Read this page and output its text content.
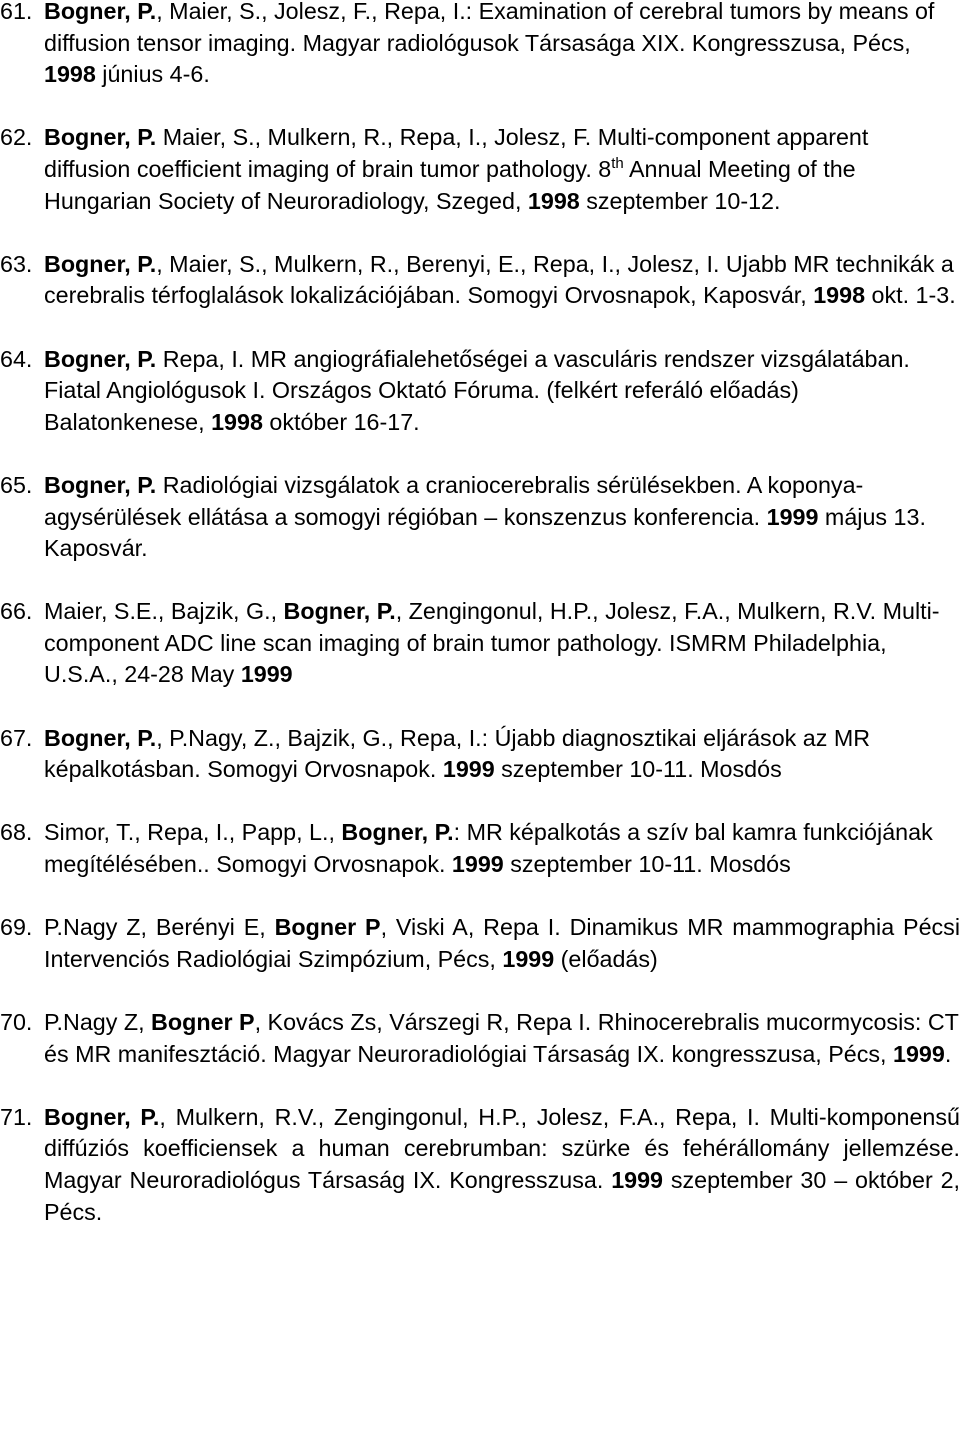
61. Bogner, P., Maier, S., Jolesz, F., Repa, I.: Examination of cerebral tumors by means of diffusion tensor imaging. Magyar radiológusok Társasága XIX. Kongresszusa, Pécs, 1998 június 4-6.
62. Bogner, P. Maier, S., Mulkern, R., Repa, I., Jolesz, F. Multi-component apparent diffusion coefficient imaging of brain tumor pathology. 8th Annual Meeting of the Hungarian Society of Neuroradiology, Szeged, 1998 szeptember 10-12.
63. Bogner, P., Maier, S., Mulkern, R., Berenyi, E., Repa, I., Jolesz, I. Ujabb MR technikák a cerebralis térfoglalások lokalizációjában. Somogyi Orvosnapok, Kaposvár, 1998 okt. 1-3.
64. Bogner, P. Repa, I. MR angiográfialehetőségei a vasculáris rendszer vizsgálatában. Fiatal Angiológusok I. Országos Oktató Fóruma. (felkért referáló előadás) Balatonkenese, 1998 október 16-17.
65. Bogner, P. Radiológiai vizsgálatok a craniocerebralis sérülésekben. A koponya-agysérülések ellátása a somogyi régióban – konszenzus konferencia. 1999 május 13. Kaposvár.
66. Maier, S.E., Bajzik, G., Bogner, P., Zengingonul, H.P., Jolesz, F.A., Mulkern, R.V. Multi-component ADC line scan imaging of brain tumor pathology. ISMRM Philadelphia, U.S.A., 24-28 May 1999
67. Bogner, P., P.Nagy, Z., Bajzik, G., Repa, I.: Újabb diagnosztikai eljárások az MR képalkotásban. Somogyi Orvosnapok. 1999 szeptember 10-11. Mosdós
68. Simor, T., Repa, I., Papp, L., Bogner, P.: MR képalkotás a szív bal kamra funkciójának megítélésében.. Somogyi Orvosnapok. 1999 szeptember 10-11. Mosdós
69. P.Nagy Z, Berényi E, Bogner P, Viski A, Repa I. Dinamikus MR mammographia Pécsi Intervenciós Radiológiai Szimpózium, Pécs, 1999 (előadás)
70. P.Nagy Z, Bogner P, Kovács Zs, Várszegi R, Repa I. Rhinocerebralis mucormycosis: CT és MR manifesztáció. Magyar Neuroradiológiai Társaság IX. kongresszusa, Pécs, 1999.
71. Bogner, P., Mulkern, R.V., Zengingonul, H.P., Jolesz, F.A., Repa, I. Multi-komponensű diffúziós koefficiensek a human cerebrumban: szürke és fehérállomány jellemzése. Magyar Neuroradiológus Társaság IX. Kongresszusa. 1999 szeptember 30 – október 2, Pécs.
